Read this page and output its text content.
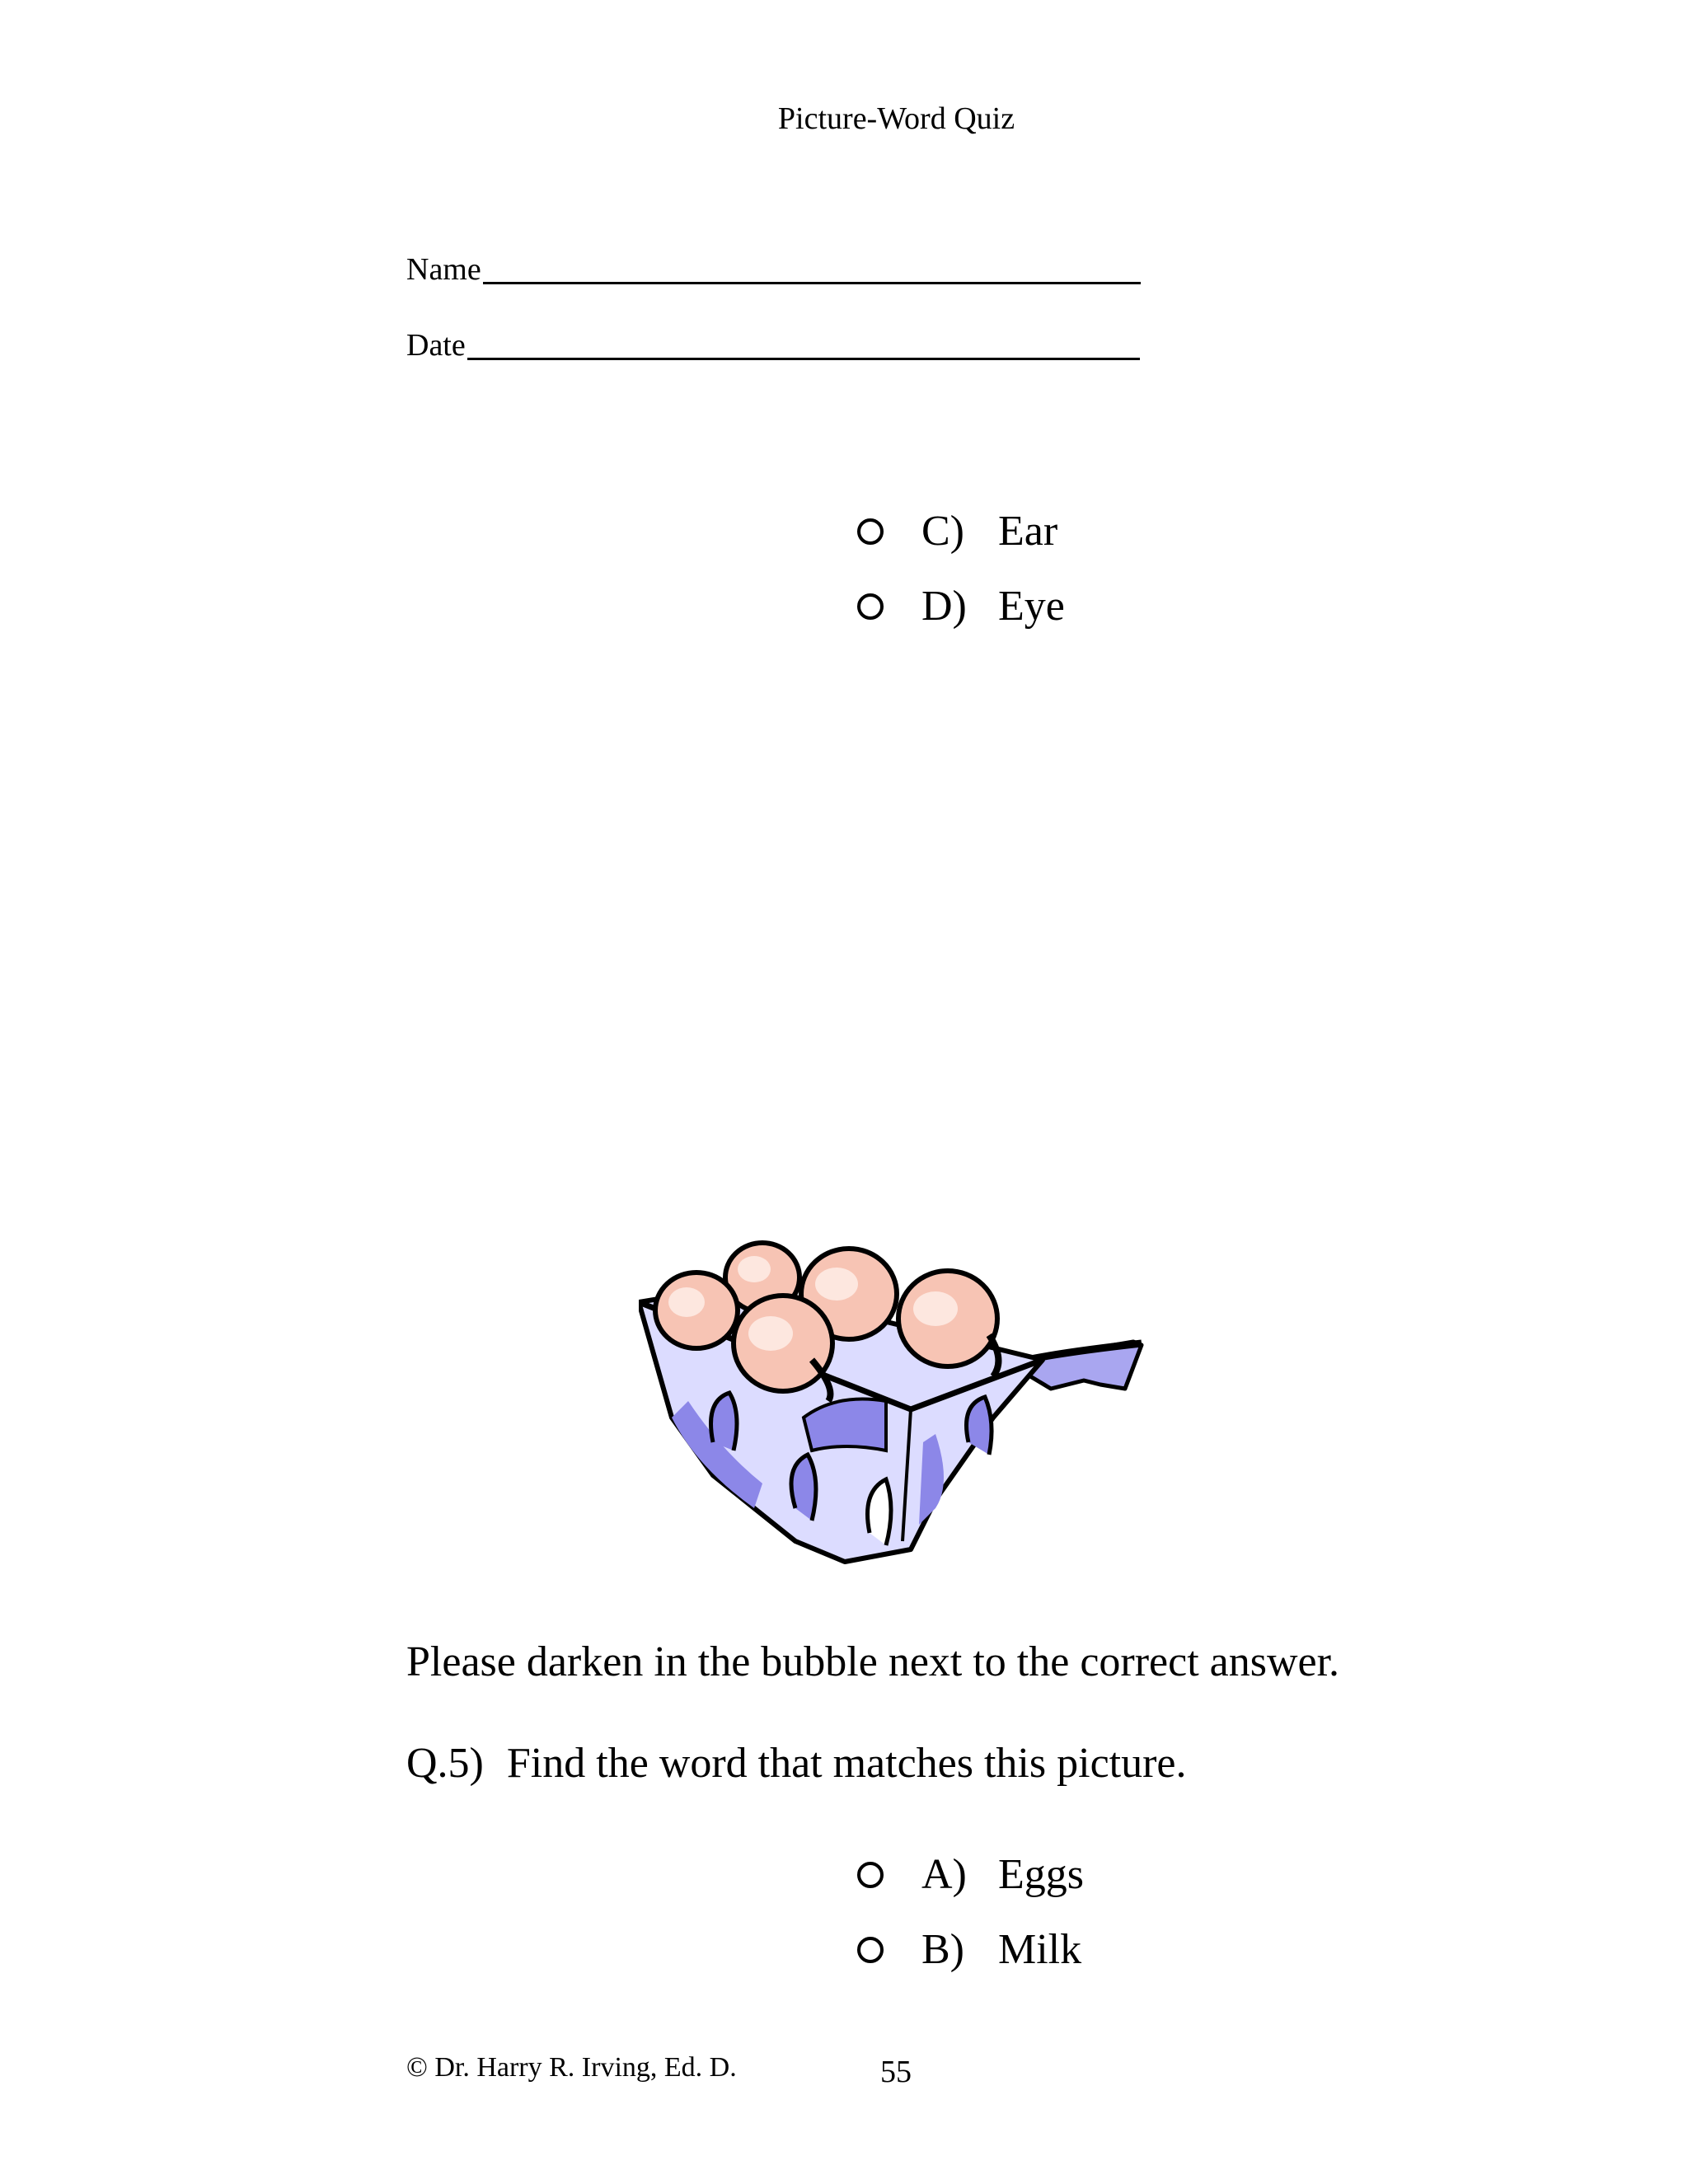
Picture-Word Quiz
Name
Date
C) Ear
D) Eye
Please darken in the bubble next to the correct answer.
Q.5) Find the word that matches this picture.
A) Eggs
B) Milk
© Dr. Harry R. Irving, Ed. D.	55
